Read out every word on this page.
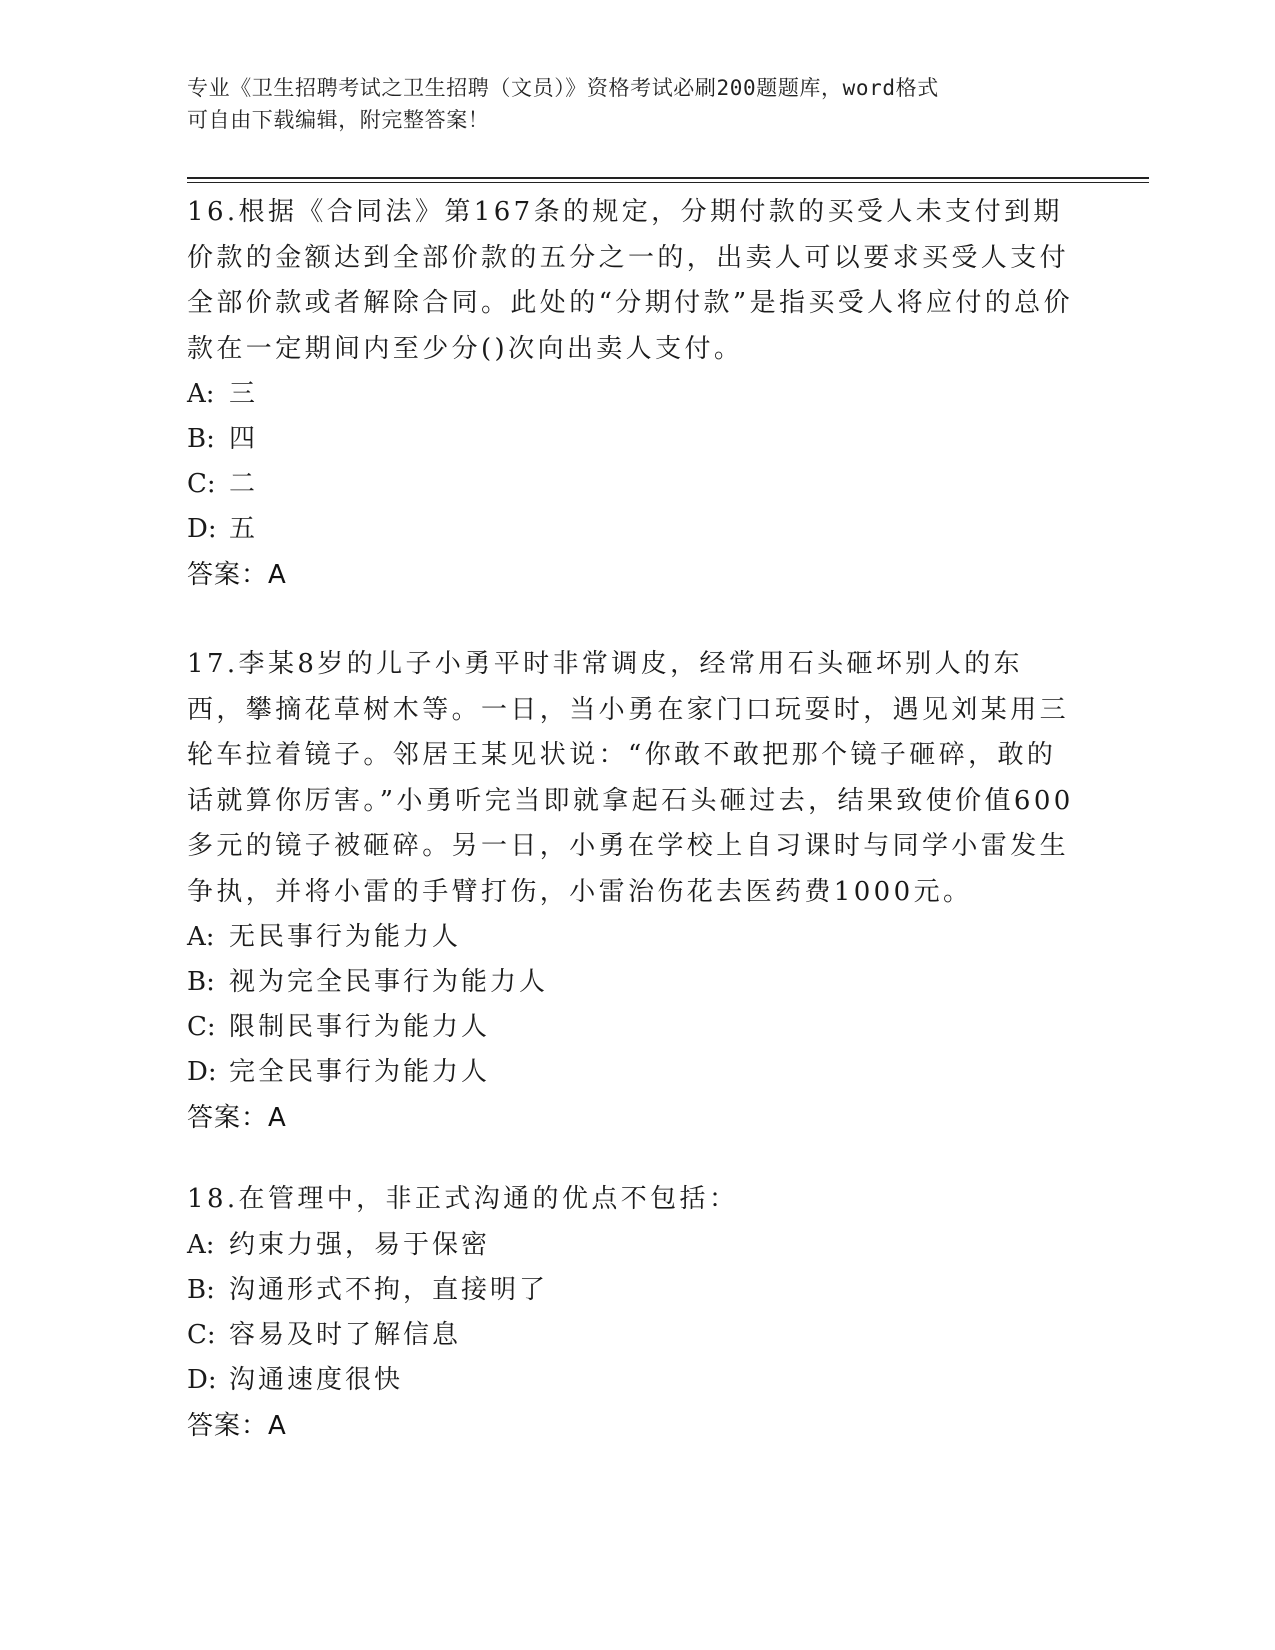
专业《卫生招聘考试之卫生招聘（文员）》资格考试必刷200题题库，word格式
可自由下载编辑，附完整答案！

16.根据《合同法》第167条的规定，分期付款的买受人未支付到期价款的金额达到全部价款的五分之一的，出卖人可以要求买受人支付全部价款或者解除合同。此处的“分期付款”是指买受人将应付的总价款在一定期间内至少分()次向出卖人支付。

A: 三

B: 四

C: 二

D: 五

答案：A

17.李某8岁的儿子小勇平时非常调皮，经常用石头砸坏别人的东西，攀摘花草树木等。一日，当小勇在家门口玩耍时，遇见刘某用三轮车拉着镜子。邻居王某见状说：“你敢不敢把那个镜子砸碎，敢的话就算你厉害。”小勇听完当即就拿起石头砸过去，结果致使价值600多元的镜子被砸碎。另一日，小勇在学校上自习课时与同学小雷发生争执，并将小雷的手臂打伤，小雷治伤花去医药费1000元。

A: 无民事行为能力人

B: 视为完全民事行为能力人

C: 限制民事行为能力人

D: 完全民事行为能力人

答案：A

18.在管理中，非正式沟通的优点不包括：

A: 约束力强，易于保密

B: 沟通形式不拘，直接明了

C: 容易及时了解信息

D: 沟通速度很快

答案：A
